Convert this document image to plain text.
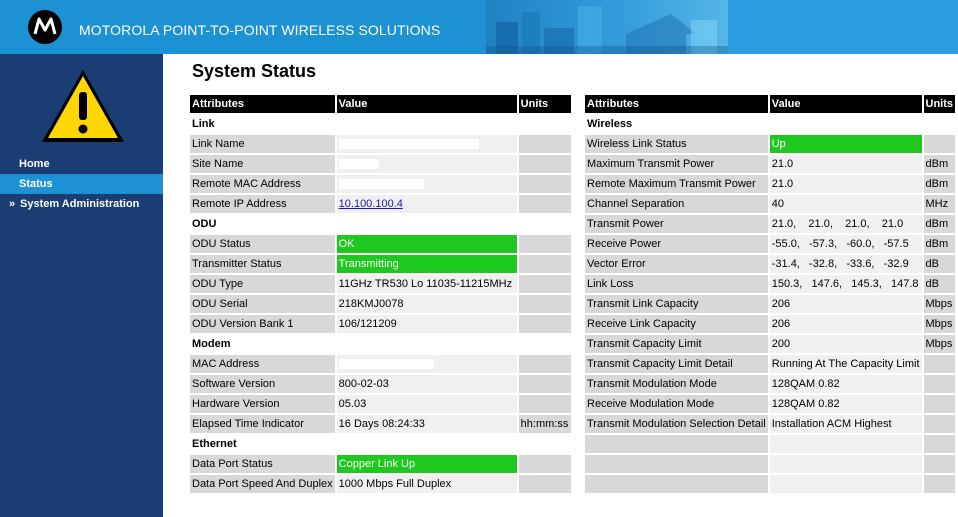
MOTOROLA POINT-TO-POINT WIRELESS SOLUTIONS
Home
Status
» System Administration
System Status
Attributes	Value	Units
Link		
Link Name		
Site Name		
Remote MAC Address		
Remote IP Address	10.100.100.4	
ODU		
ODU Status	OK	
Transmitter Status	Transmitting	
ODU Type	11GHz TR530 Lo 11035-11215MHz	
ODU Serial	218KMJ0078	
ODU Version Bank 1	106/121209	
Modem		
MAC Address		
Software Version	800-02-03	
Hardware Version	05.03	
Elapsed Time Indicator	16 Days 08:24:33	hh:mm:ss
Ethernet		
Data Port Status	Copper Link Up	
Data Port Speed And Duplex	1000 Mbps Full Duplex	
Attributes	Value	Units
Wireless		
Wireless Link Status	Up	
Maximum Transmit Power	21.0	dBm
Remote Maximum Transmit Power	21.0	dBm
Channel Separation	40	MHz
Transmit Power	21.0,    21.0,    21.0,    21.0	dBm
Receive Power	-55.0,   -57.3,   -60.0,   -57.5	dBm
Vector Error	-31.4,   -32.8,   -33.6,   -32.9	dB
Link Loss	150.3,   147.6,   145.3,   147.8	dB
Transmit Link Capacity	206	Mbps
Receive Link Capacity	206	Mbps
Transmit Capacity Limit	200	Mbps
Transmit Capacity Limit Detail	Running At The Capacity Limit	
Transmit Modulation Mode	128QAM 0.82	
Receive Modulation Mode	128QAM 0.82	
Transmit Modulation Selection Detail	Installation ACM Highest	
